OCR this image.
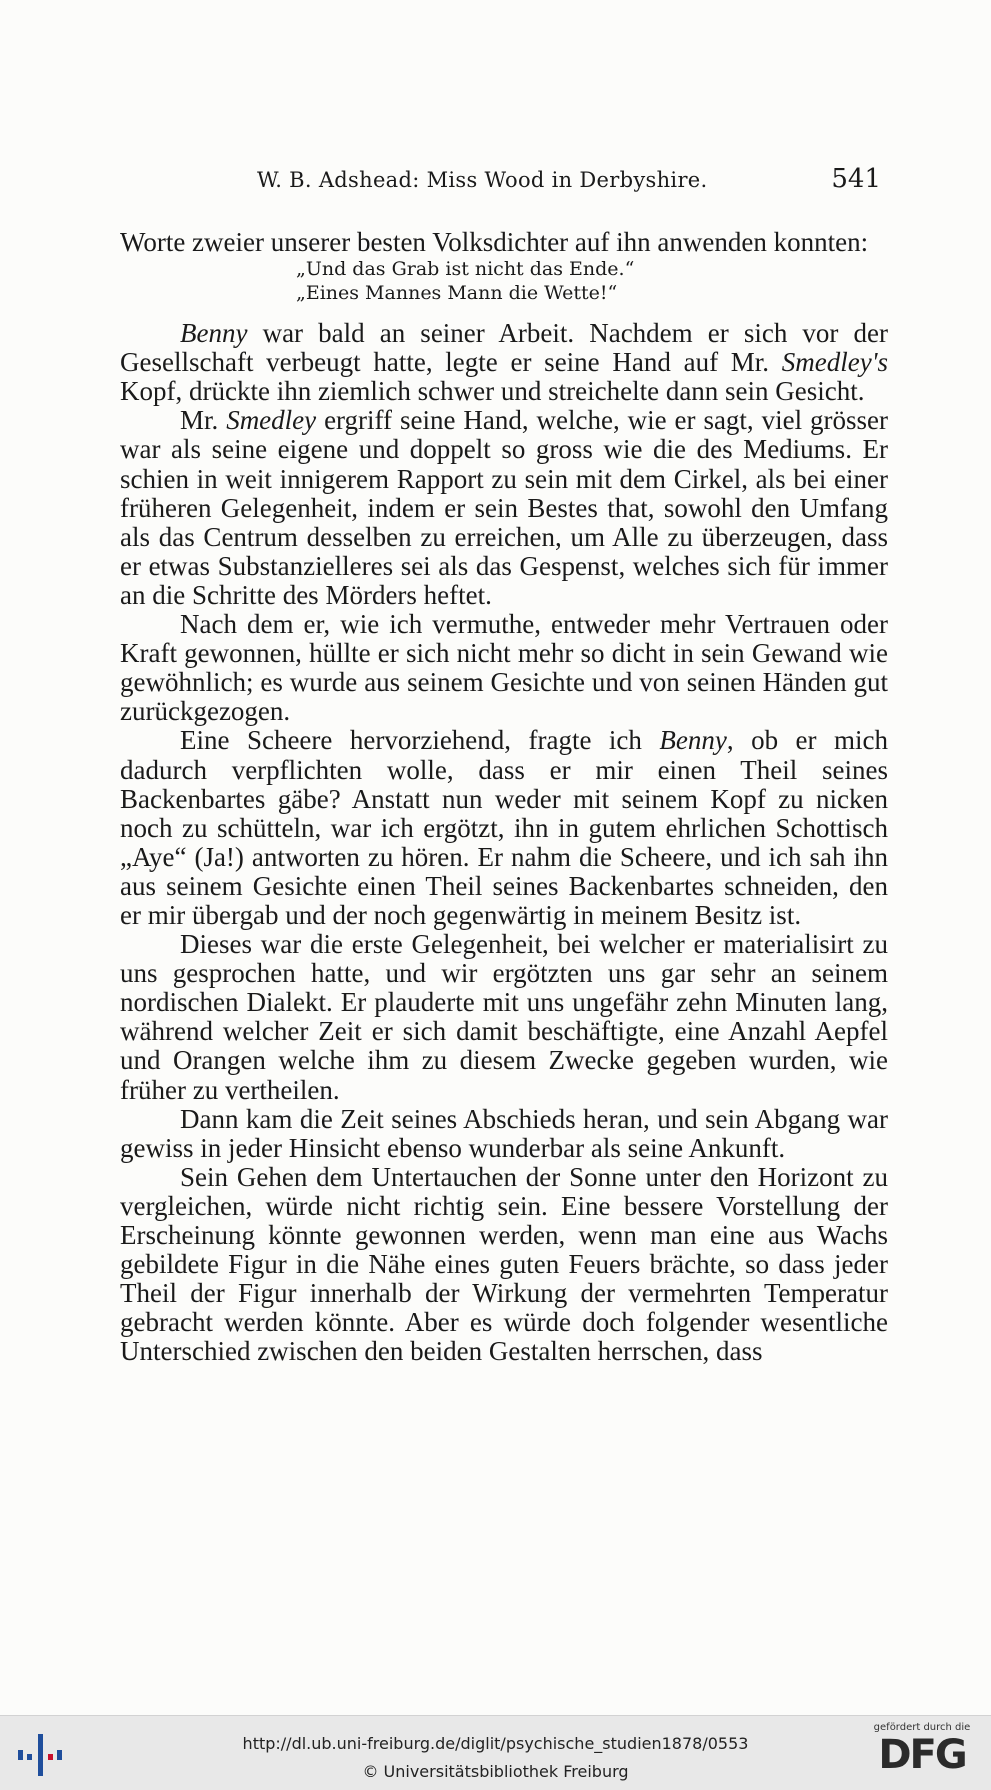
W. B. Adshead: Miss Wood in Derbyshire.	541

Worte zweier unserer besten Volksdichter auf ihn anwenden konnten:

„Und das Grab ist nicht das Ende.“
„Eines Mannes Mann die Wette!“

Benny war bald an seiner Arbeit. Nachdem er sich vor der Gesellschaft verbeugt hatte, legte er seine Hand auf Mr. Smedley's Kopf, drückte ihn ziemlich schwer und streichelte dann sein Gesicht.

Mr. Smedley ergriff seine Hand, welche, wie er sagt, viel grösser war als seine eigene und doppelt so gross wie die des Mediums. Er schien in weit innigerem Rapport zu sein mit dem Cirkel, als bei einer früheren Gelegenheit, indem er sein Bestes that, sowohl den Umfang als das Centrum desselben zu erreichen, um Alle zu überzeugen, dass er etwas Substanzielleres sei als das Gespenst, welches sich für immer an die Schritte des Mörders heftet.

Nach dem er, wie ich vermuthe, entweder mehr Vertrauen oder Kraft gewonnen, hüllte er sich nicht mehr so dicht in sein Gewand wie gewöhnlich; es wurde aus seinem Gesichte und von seinen Händen gut zurückgezogen.

Eine Scheere hervorziehend, fragte ich Benny, ob er mich dadurch verpflichten wolle, dass er mir einen Theil seines Backenbartes gäbe? Anstatt nun weder mit seinem Kopf zu nicken noch zu schütteln, war ich ergötzt, ihn in gutem ehrlichen Schottisch „Aye“ (Ja!) antworten zu hören. Er nahm die Scheere, und ich sah ihn aus seinem Gesichte einen Theil seines Backenbartes schneiden, den er mir übergab und der noch gegenwärtig in meinem Besitz ist.

Dieses war die erste Gelegenheit, bei welcher er materialisirt zu uns gesprochen hatte, und wir ergötzten uns gar sehr an seinem nordischen Dialekt. Er plauderte mit uns ungefähr zehn Minuten lang, während welcher Zeit er sich damit beschäftigte, eine Anzahl Aepfel und Orangen welche ihm zu diesem Zwecke gegeben wurden, wie früher zu vertheilen.

Dann kam die Zeit seines Abschieds heran, und sein Abgang war gewiss in jeder Hinsicht ebenso wunderbar als seine Ankunft.

Sein Gehen dem Untertauchen der Sonne unter den Horizont zu vergleichen, würde nicht richtig sein. Eine bessere Vorstellung der Erscheinung könnte gewonnen werden, wenn man eine aus Wachs gebildete Figur in die Nähe eines guten Feuers brächte, so dass jeder Theil der Figur innerhalb der Wirkung der vermehrten Temperatur gebracht werden könnte. Aber es würde doch folgender wesentliche Unterschied zwischen den beiden Gestalten herrschen, dass

http://dl.ub.uni-freiburg.de/diglit/psychische_studien1878/0553
© Universitätsbibliothek Freiburg
gefördert durch die
DFG
